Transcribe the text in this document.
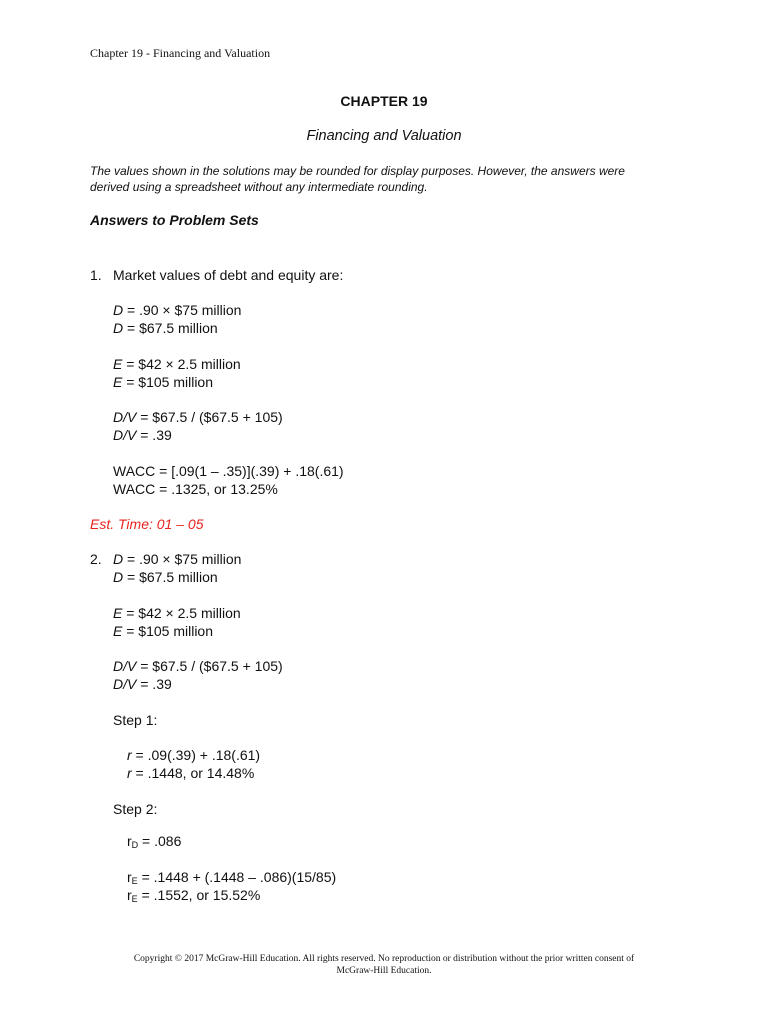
Chapter 19 - Financing and Valuation
CHAPTER 19
Financing and Valuation
The values shown in the solutions may be rounded for display purposes. However, the answers were
derived using a spreadsheet without any intermediate rounding.
Answers to Problem Sets
1. Market values of debt and equity are:
D = .90 × $75 million
D = $67.5 million
E = $42 × 2.5 million
E = $105 million
D/V = $67.5 / ($67.5 + 105)
D/V = .39
WACC = [.09(1 – .35)](.39) + .18(.61)
WACC = .1325, or 13.25%
Est. Time: 01 – 05
2. D = .90 × $75 million
D = $67.5 million
E = $42 × 2.5 million
E = $105 million
D/V = $67.5 / ($67.5 + 105)
D/V = .39
Step 1:
r = .09(.39) + .18(.61)
r = .1448, or 14.48%
Step 2:
$r_D = .086$
$r_E = .1448 + (.1448 - .086)(15/85)$
$r_E = .1552$, or 15.52%
Copyright © 2017 McGraw-Hill Education. All rights reserved. No reproduction or distribution without the prior written consent of
McGraw-Hill Education.
